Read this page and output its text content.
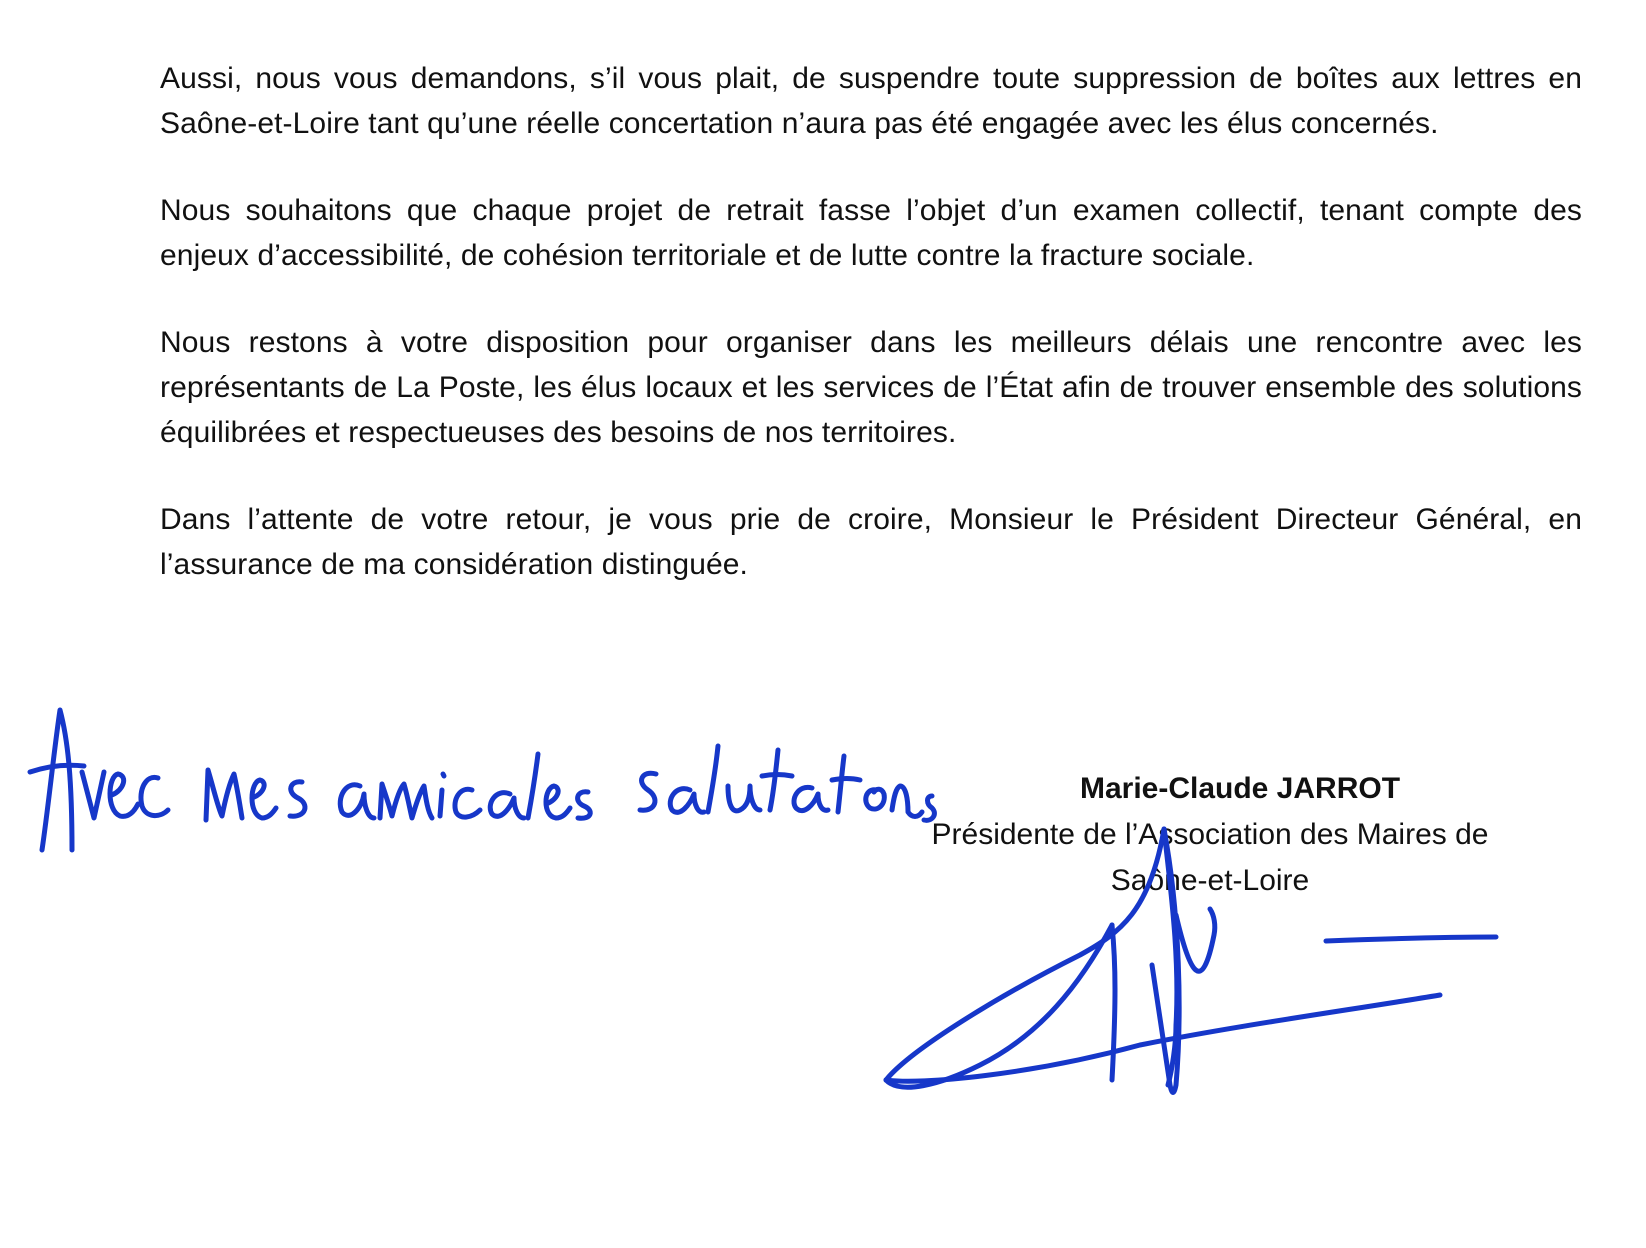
Aussi, nous vous demandons, s’il vous plait, de suspendre toute suppression de boîtes aux lettres en Saône-et-Loire tant qu’une réelle concertation n’aura pas été engagée avec les élus concernés.

Nous souhaitons que chaque projet de retrait fasse l’objet d’un examen collectif, tenant compte des enjeux d’accessibilité, de cohésion territoriale et de lutte contre la fracture sociale.

Nous restons à votre disposition pour organiser dans les meilleurs délais une rencontre avec les représentants de La Poste, les élus locaux et les services de l’État afin de trouver ensemble des solutions équilibrées et respectueuses des besoins de nos territoires.

Dans l’attente de votre retour, je vous prie de croire, Monsieur le Président Directeur Général, en l’assurance de ma considération distinguée.

Marie-Claude JARROT
Présidente de l’Association des Maires de
Saône-et-Loire
